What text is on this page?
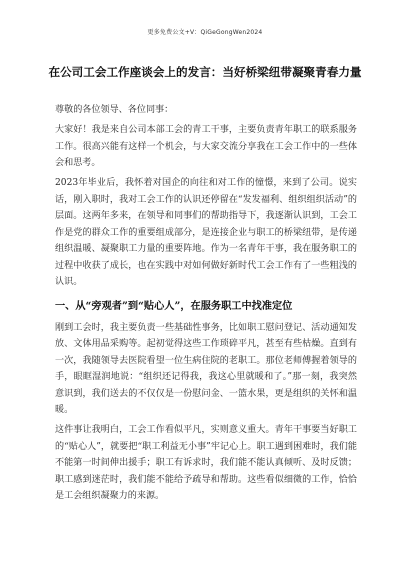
更多免费公文+V：QiGeGongWen2024
在公司工会工作座谈会上的发言：当好桥梁纽带凝聚青春力量

尊敬的各位领导、各位同事：

大家好！我是来自公司本部工会的青工干事，主要负责青年职工的联系服务工作。很高兴能有这样一个机会，与大家交流分享我在工会工作中的一些体会和思考。

2023年毕业后，我怀着对国企的向往和对工作的憧憬，来到了公司。说实话，刚入职时，我对工会工作的认识还停留在“发发福利、组织组织活动”的层面。这两年多来，在领导和同事们的帮助指导下，我逐渐认识到，工会工作是党的群众工作的重要组成部分，是连接企业与职工的桥梁纽带，是传递组织温暖、凝聚职工力量的重要阵地。作为一名青年干事，我在服务职工的过程中收获了成长，也在实践中对如何做好新时代工会工作有了一些粗浅的认识。

一、从“旁观者”到“贴心人”，在服务职工中找准定位

刚到工会时，我主要负责一些基础性事务，比如职工慰问登记、活动通知发放、文体用品采购等。起初觉得这些工作琐碎平凡，甚至有些枯燥。直到有一次，我随领导去医院看望一位生病住院的老职工。那位老师傅握着领导的手，眼眶湿润地说：“组织还记得我，我这心里就暖和了。”那一刻，我突然意识到，我们送去的不仅仅是一份慰问金、一篮水果，更是组织的关怀和温暖。

这件事让我明白，工会工作看似平凡，实则意义重大。青年干事要当好职工的“贴心人”，就要把“职工利益无小事”牢记心上。职工遇到困难时，我们能不能第一时间伸出援手；职工有诉求时，我们能不能认真倾听、及时反馈；职工感到迷茫时，我们能不能给予疏导和帮助。这些看似细微的工作，恰恰是工会组织凝聚力的来源。
